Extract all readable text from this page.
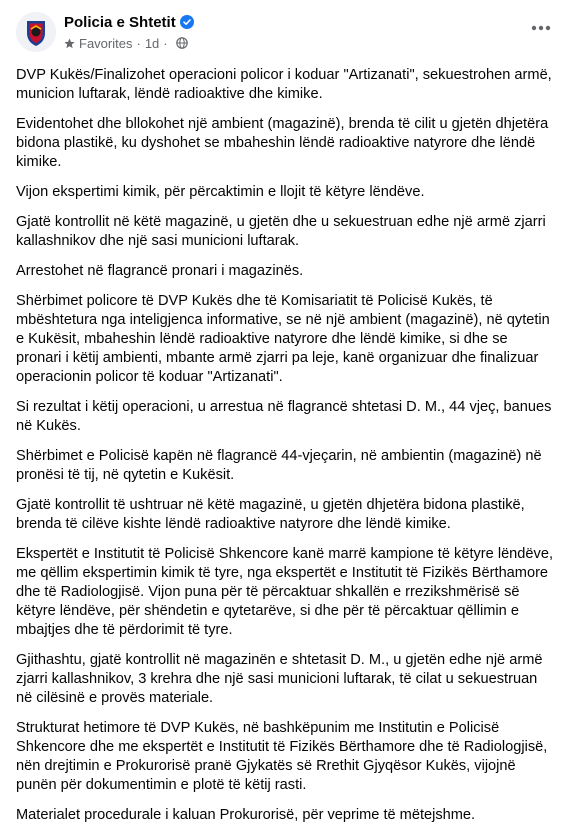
Policia e Shtetit
Favorites · 1d ·

DVP Kukës/Finalizohet operacioni policor i koduar "Artizanati", sekuestrohen armë, municion luftarak, lëndë radioaktive dhe kimike.

Evidentohet dhe bllokohet një ambient (magazinë), brenda të cilit u gjetën dhjetëra bidona plastikë, ku dyshohet se mbaheshin lëndë radioaktive natyrore dhe lëndë kimike.

Vijon ekspertimi kimik, për përcaktimin e llojit të këtyre lëndëve.

Gjatë kontrollit në këtë magazinë, u gjetën dhe u sekuestruan edhe një armë zjarri kallashnikov dhe një sasi municioni luftarak.

Arrestohet në flagrancë pronari i magazinës.

Shërbimet policore të DVP Kukës dhe të Komisariatit të Policisë Kukës, të mbështetura nga inteligjenca informative, se në një ambient (magazinë), në qytetin e Kukësit, mbaheshin lëndë radioaktive natyrore dhe lëndë kimike, si dhe se pronari i këtij ambienti, mbante armë zjarri pa leje, kanë organizuar dhe finalizuar operacionin policor të koduar "Artizanati".

Si rezultat i këtij operacioni, u arrestua në flagrancë shtetasi D. M., 44 vjeç, banues në Kukës.

Shërbimet e Policisë kapën në flagrancë 44-vjeçarin, në ambientin (magazinë) në pronësi të tij, në qytetin e Kukësit.

Gjatë kontrollit të ushtruar në këtë magazinë, u gjetën dhjetëra bidona plastikë, brenda të cilëve kishte lëndë radioaktive natyrore dhe lëndë kimike.

Ekspertët e Institutit të Policisë Shkencore kanë marrë kampione të këtyre lëndëve, me qëllim ekspertimin kimik të tyre, nga ekspertët e Institutit të Fizikës Bërthamore dhe të Radiologjisë. Vijon puna për të përcaktuar shkallën e rrezikshmërisë së këtyre lëndëve, për shëndetin e qytetarëve, si dhe për të përcaktuar qëllimin e mbajtjes dhe të përdorimit të tyre.

Gjithashtu, gjatë kontrollit në magazinën e shtetasit D. M., u gjetën edhe një armë zjarri kallashnikov, 3 krehra dhe një sasi municioni luftarak, të cilat u sekuestruan në cilësinë e provës materiale.

Strukturat hetimore të DVP Kukës, në bashkëpunim me Institutin e Policisë Shkencore dhe me ekspertët e Institutit të Fizikës Bërthamore dhe të Radiologjisë, nën drejtimin e Prokurorisë pranë Gjykatës së Rrethit Gjyqësor Kukës, vijojnë punën për dokumentimin e plotë të këtij rasti.

Materialet procedurale i kaluan Prokurorisë, për veprime të mëtejshme.
